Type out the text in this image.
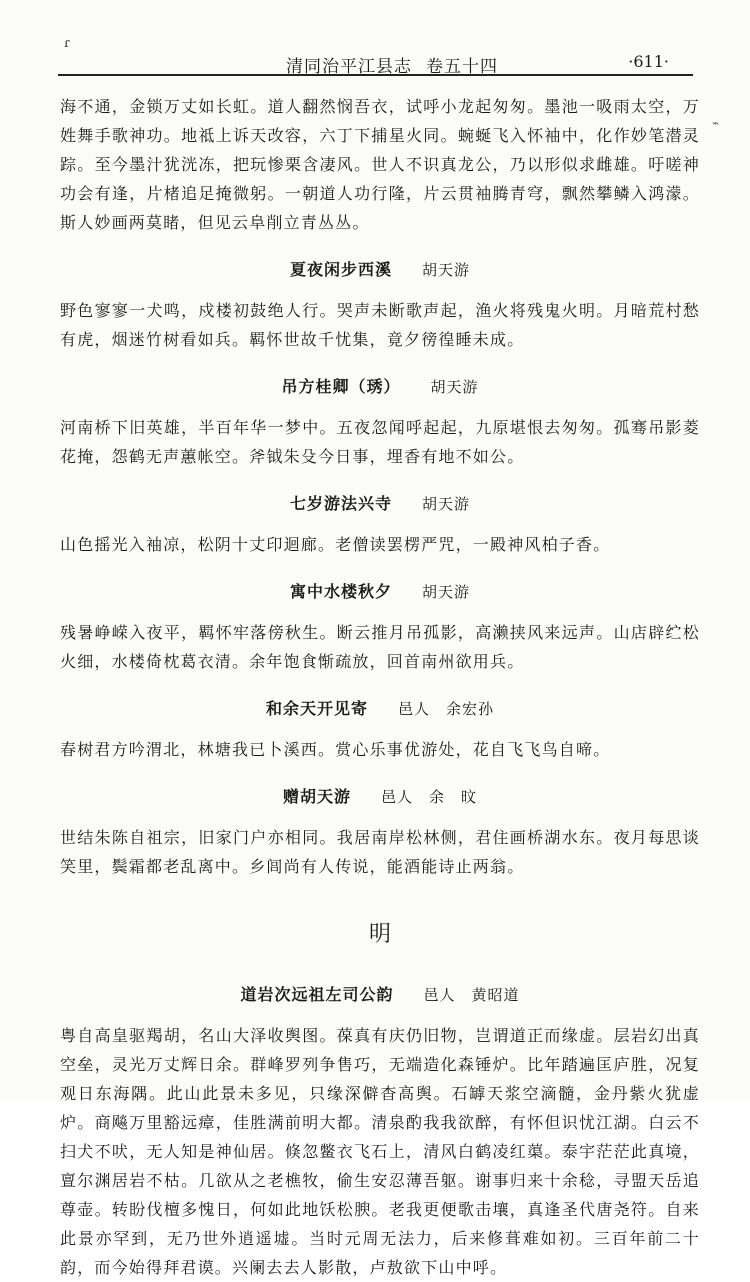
ɾ
⌁
清同治平江县志 卷五十四	·611·

海不通，金锁万丈如长虹。道人翻然悯吾衣，试呼小龙起匆匆。墨池一吸雨太空，万姓舞手歌神功。地祗上诉天改容，六丁下捕星火同。蜿蜒飞入怀袖中，化作妙笔潜灵踪。至今墨汁犹洸冻，把玩惨栗含凄风。世人不识真龙公，乃以形似求雌雄。吁嗟神功会有逢，片楮追足掩微躬。一朝道人功行隆，片云贯袖腾青穹，飘然攀鳞入鸿濛。斯人妙画两莫睹，但见云阜削立青丛丛。

夏夜闲步西溪 胡天游

野色寥寥一犬鸣，戍楼初鼓绝人行。哭声未断歌声起，渔火将残鬼火明。月暗荒村愁有虎，烟迷竹树看如兵。羁怀世故千忧集，竟夕徬徨睡未成。

吊方桂卿（琇） 胡天游

河南桥下旧英雄，半百年华一梦中。五夜忽闻呼起起，九原堪恨去匆匆。孤骞吊影菱花掩，怨鹤无声蕙帐空。斧钺朱殳今日事，埋香有地不如公。

七岁游法兴寺 胡天游

山色摇光入袖凉，松阴十丈印迴廊。老僧读罢楞严咒，一殿神风柏子香。

寓中水楼秋夕 胡天游

残暑峥嵘入夜平，羁怀牢落傍秋生。断云推月吊孤影，高濑挟风来远声。山店辟纻松火细，水楼倚枕葛衣清。余年饱食惭疏放，回首南州欲用兵。

和余天开见寄 邑人　余宏孙

春树君方吟渭北，林塘我已卜溪西。赏心乐事优游处，花自飞飞鸟自啼。

赠胡天游 邑人　余　旼

世结朱陈自祖宗，旧家门户亦相同。我居南岸松林侧，君住画桥湖水东。夜月每思谈笑里，鬓霜都老乱离中。乡闾尚有人传说，能酒能诗止两翁。

明
道岩次远祖左司公韵 邑人　黄昭道

粤自高皇驱羯胡，名山大泽收舆图。葆真有庆仍旧物，岂谓道正而缘虚。层岩幻出真空垒，灵光万丈辉日余。群峰罗列争售巧，无端造化森锤炉。比年踏遍匡庐胜，况复观日东海隅。此山此景未多见，只缘深僻杳高舆。石罅天浆空滴髓，金丹紫火犹虚炉。商飚万里豁远瘴，佳胜满前明大都。清泉酌我我欲醉，有怀但识忧江湖。白云不扫犬不吠，无人知是神仙居。倏忽鳖衣飞石上，清风白鹤凌红蕖。泰宇茫茫此真境，亶尔渊居岩不枯。几欲从之老樵牧，偷生安忍薄吾躯。谢事归来十余稔，寻盟天岳追尊壶。转盼伐檀多愧日，何如此地饫松腴。老我更便歌击壤，真逢圣代唐尧符。自来此景亦罕到，无乃世外逍遥墟。当时元周无法力，后来修葺难如初。三百年前二十韵，而今始得拜君谟。兴阑去去人影散，卢敖欲下山中呼。
